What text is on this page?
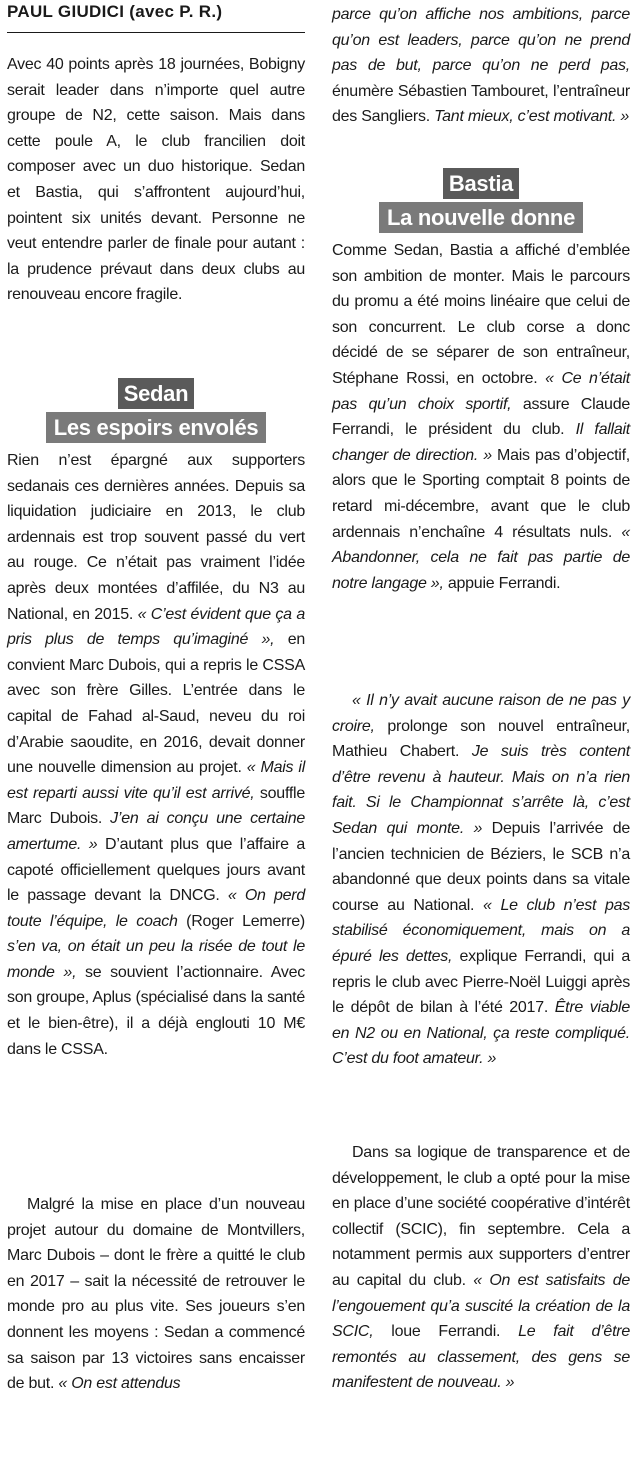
PAUL GIUDICI (avec P. R.)

Avec 40 points après 18 journées, Bobigny serait leader dans n’importe quel autre groupe de N2, cette saison. Mais dans cette poule A, le club francilien doit composer avec un duo historique. Sedan et Bastia, qui s’affrontent aujourd’hui, pointent six unités devant. Personne ne veut entendre parler de finale pour autant : la prudence prévaut dans deux clubs au renouveau encore fragile.

Sedan
Les espoirs envolés

Rien n’est épargné aux supporters sedanais ces dernières années. Depuis sa liquidation judiciaire en 2013, le club ardennais est trop souvent passé du vert au rouge. Ce n’était pas vraiment l’idée après deux montées d’affilée, du N3 au National, en 2015. « C’est évident que ça a pris plus de temps qu’imaginé », en convient Marc Dubois, qui a repris le CSSA avec son frère Gilles. L’entrée dans le capital de Fahad al-Saud, neveu du roi d’Arabie saoudite, en 2016, devait donner une nouvelle dimension au projet. « Mais il est reparti aussi vite qu’il est arrivé, souffle Marc Dubois. J’en ai conçu une certaine amertume. » D’autant plus que l’affaire a capoté officiellement quelques jours avant le passage devant la DNCG. « On perd toute l’équipe, le coach (Roger Lemerre) s’en va, on était un peu la risée de tout le monde », se souvient l’actionnaire. Avec son groupe, Aplus (spécialisé dans la santé et le bien-être), il a déjà englouti 10 M€ dans le CSSA.

Malgré la mise en place d’un nouveau projet autour du domaine de Montvillers, Marc Dubois – dont le frère a quitté le club en 2017 – sait la nécessité de retrouver le monde pro au plus vite. Ses joueurs s’en donnent les moyens : Sedan a commencé sa saison par 13 victoires sans encaisser de but. « On est attendus

parce qu’on affiche nos ambitions, parce qu’on est leaders, parce qu’on ne prend pas de but, parce qu’on ne perd pas, énumère Sébastien Tambouret, l’entraîneur des Sangliers. Tant mieux, c’est motivant. »

Bastia
La nouvelle donne

Comme Sedan, Bastia a affiché d’emblée son ambition de monter. Mais le parcours du promu a été moins linéaire que celui de son concurrent. Le club corse a donc décidé de se séparer de son entraîneur, Stéphane Rossi, en octobre. « Ce n’était pas qu’un choix sportif, assure Claude Ferrandi, le président du club. Il fallait changer de direction. » Mais pas d’objectif, alors que le Sporting comptait 8 points de retard mi-décembre, avant que le club ardennais n’enchaîne 4 résultats nuls. « Abandonner, cela ne fait pas partie de notre langage », appuie Ferrandi.

« Il n’y avait aucune raison de ne pas y croire, prolonge son nouvel entraîneur, Mathieu Chabert. Je suis très content d’être revenu à hauteur. Mais on n’a rien fait. Si le Championnat s’arrête là, c’est Sedan qui monte. » Depuis l’arrivée de l’ancien technicien de Béziers, le SCB n’a abandonné que deux points dans sa vitale course au National. « Le club n’est pas stabilisé économiquement, mais on a épuré les dettes, explique Ferrandi, qui a repris le club avec Pierre-Noël Luiggi après le dépôt de bilan à l’été 2017. Être viable en N2 ou en National, ça reste compliqué. C’est du foot amateur. »

Dans sa logique de transparence et de développement, le club a opté pour la mise en place d’une société coopérative d’intérêt collectif (SCIC), fin septembre. Cela a notamment permis aux supporters d’entrer au capital du club. « On est satisfaits de l’engouement qu’a suscité la création de la SCIC, loue Ferrandi. Le fait d’être remontés au classement, des gens se manifestent de nouveau. »
